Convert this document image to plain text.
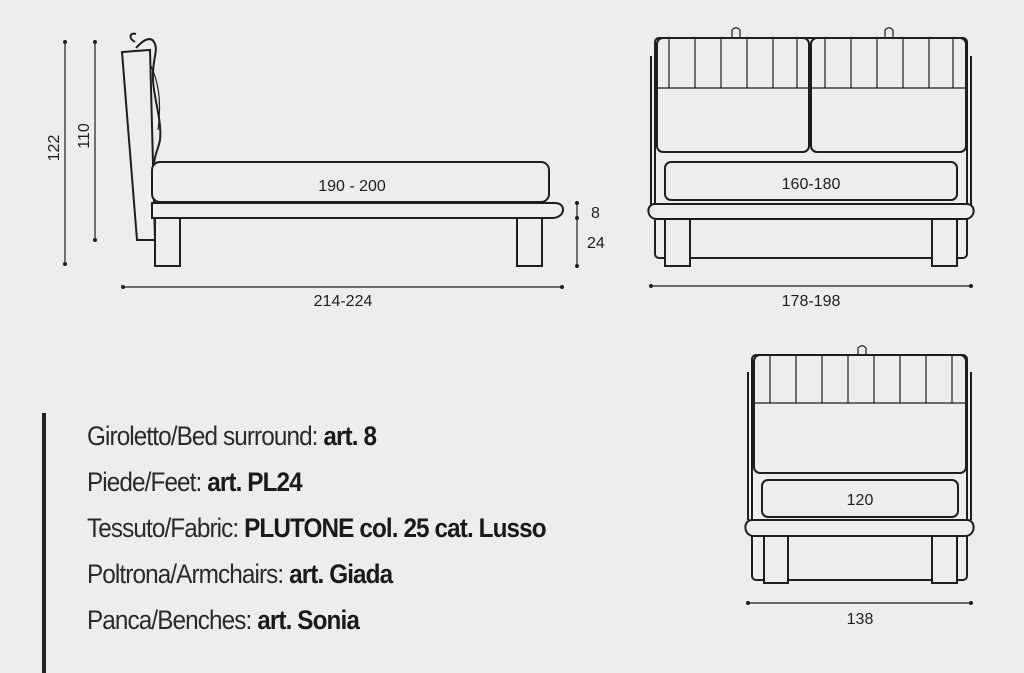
122 110
190 - 200
8
24
214-224
160-180
178-198
120
138
Giroletto/Bed surround: art. 8
Piede/Feet: art. PL24
Tessuto/Fabric: PLUTONE col. 25 cat. Lusso
Poltrona/Armchairs: art. Giada
Panca/Benches: art. Sonia
